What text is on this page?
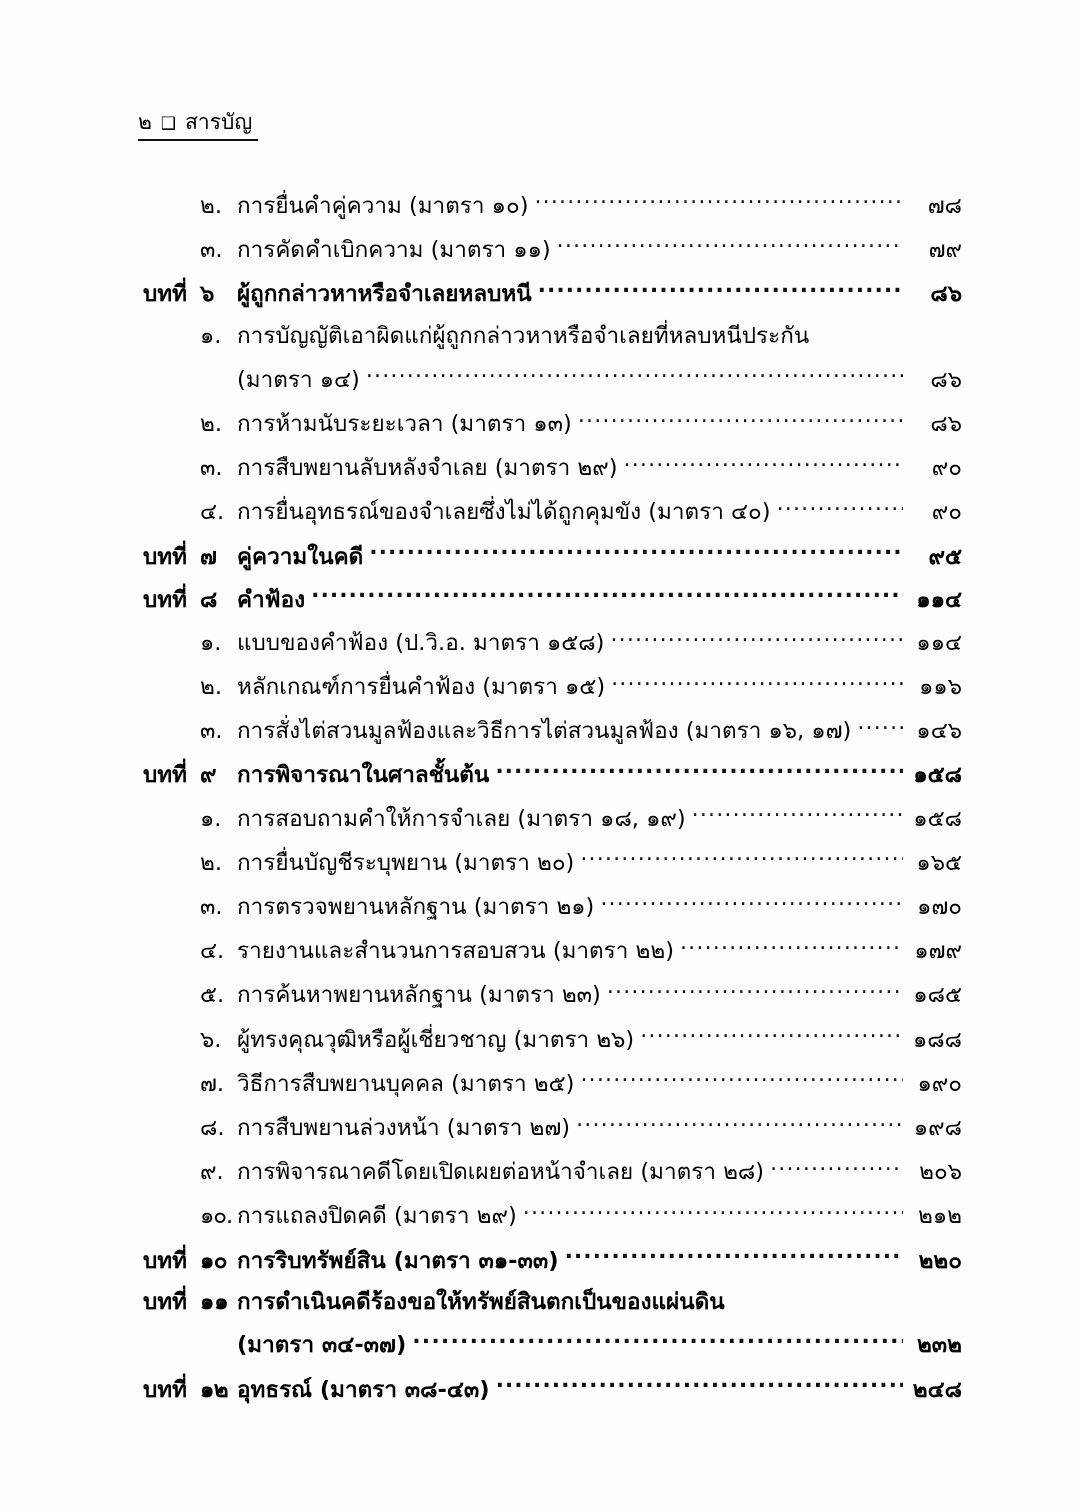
๒ ❑ สารบัญ
๒. การยื่นคำคู่ความ (มาตรา ๑๐) .....	๗๘
๓. การคัดคำเบิกความ (มาตรา ๑๑) .....	๗๙
บทที่ ๖	ผู้ถูกกล่าวหาหรือจำเลยหลบหนี .....	๘๖
๑. การบัญญัติเอาผิดแก่ผู้ถูกกล่าวหาหรือจำเลยที่หลบหนีประกัน
(มาตรา ๑๔) .....	๘๖
๒. การห้ามนับระยะเวลา (มาตรา ๑๓) .....	๘๖
๓. การสืบพยานลับหลังจำเลย (มาตรา ๒๙) .....	๙๐
๔. การยื่นอุทธรณ์ของจำเลยซึ่งไม่ได้ถูกคุมขัง (มาตรา ๔๐) .....	๙๐
บทที่ ๗ คู่ความในคดี .....	๙๕
บทที่ ๘ คำฟ้อง .....	๑๑๔
๑. แบบของคำฟ้อง (ป.วิ.อ. มาตรา ๑๕๘) .....	๑๑๔
๒. หลักเกณฑ์การยื่นคำฟ้อง (มาตรา ๑๕) .....	๑๑๖
๓. การสั่งไต่สวนมูลฟ้องและวิธีการไต่สวนมูลฟ้อง (มาตรา ๑๖, ๑๗) .....	๑๔๖
บทที่ ๙ การพิจารณาในศาลชั้นต้น .....	๑๕๘
๑. การสอบถามคำให้การจำเลย (มาตรา ๑๘, ๑๙) .....	๑๕๘
๒. การยื่นบัญชีระบุพยาน (มาตรา ๒๐) .....	๑๖๕
๓. การตรวจพยานหลักฐาน (มาตรา ๒๑) .....	๑๗๐
๔. รายงานและสำนวนการสอบสวน (มาตรา ๒๒) .....	๑๗๙
๕. การค้นหาพยานหลักฐาน (มาตรา ๒๓) .....	๑๘๕
๖. ผู้ทรงคุณวุฒิหรือผู้เชี่ยวชาญ (มาตรา ๒๖) .....	๑๘๘
๗. วิธีการสืบพยานบุคคล (มาตรา ๒๕) .....	๑๙๐
๘. การสืบพยานล่วงหน้า (มาตรา ๒๗) .....	๑๙๘
๙. การพิจารณาคดีโดยเปิดเผยต่อหน้าจำเลย (มาตรา ๒๘) .....	๒๐๖
๑๐. การแถลงปิดคดี (มาตรา ๒๙) .....	๒๑๒
บทที่ ๑๐ การริบทรัพย์สิน (มาตรา ๓๑-๓๓) .....	๒๒๐
บทที่ ๑๑ การดำเนินคดีร้องขอให้ทรัพย์สินตกเป็นของแผ่นดิน
(มาตรา ๓๔-๓๗) .....	๒๓๒
บทที่ ๑๒ อุทธรณ์ (มาตรา ๓๘-๔๓) .....	๒๔๘
